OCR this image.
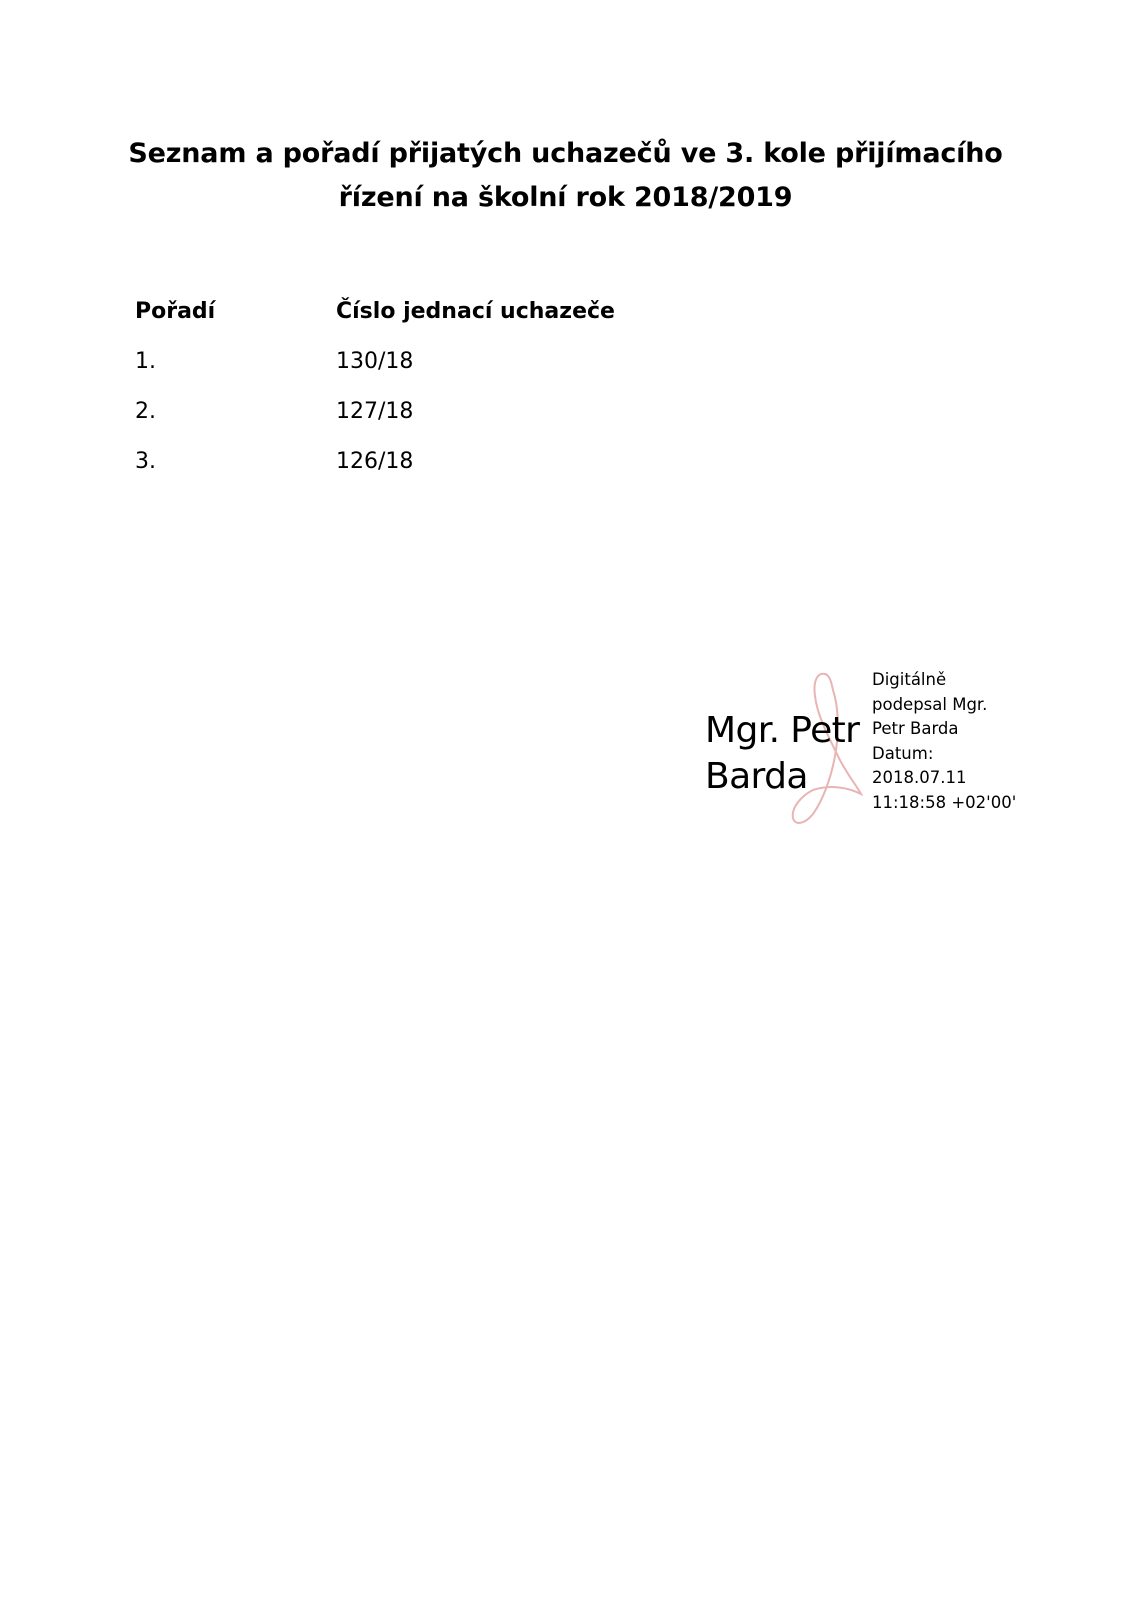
Seznam a pořadí přijatých uchazečů ve 3. kole přijímacího
řízení na školní rok 2018/2019
Pořadí	Číslo jednací uchazeče
1.	130/18
2.	127/18
3.	126/18
Mgr. Petr
Barda
Digitálně
podepsal Mgr.
Petr Barda
Datum:
2018.07.11
11:18:58 +02'00'
